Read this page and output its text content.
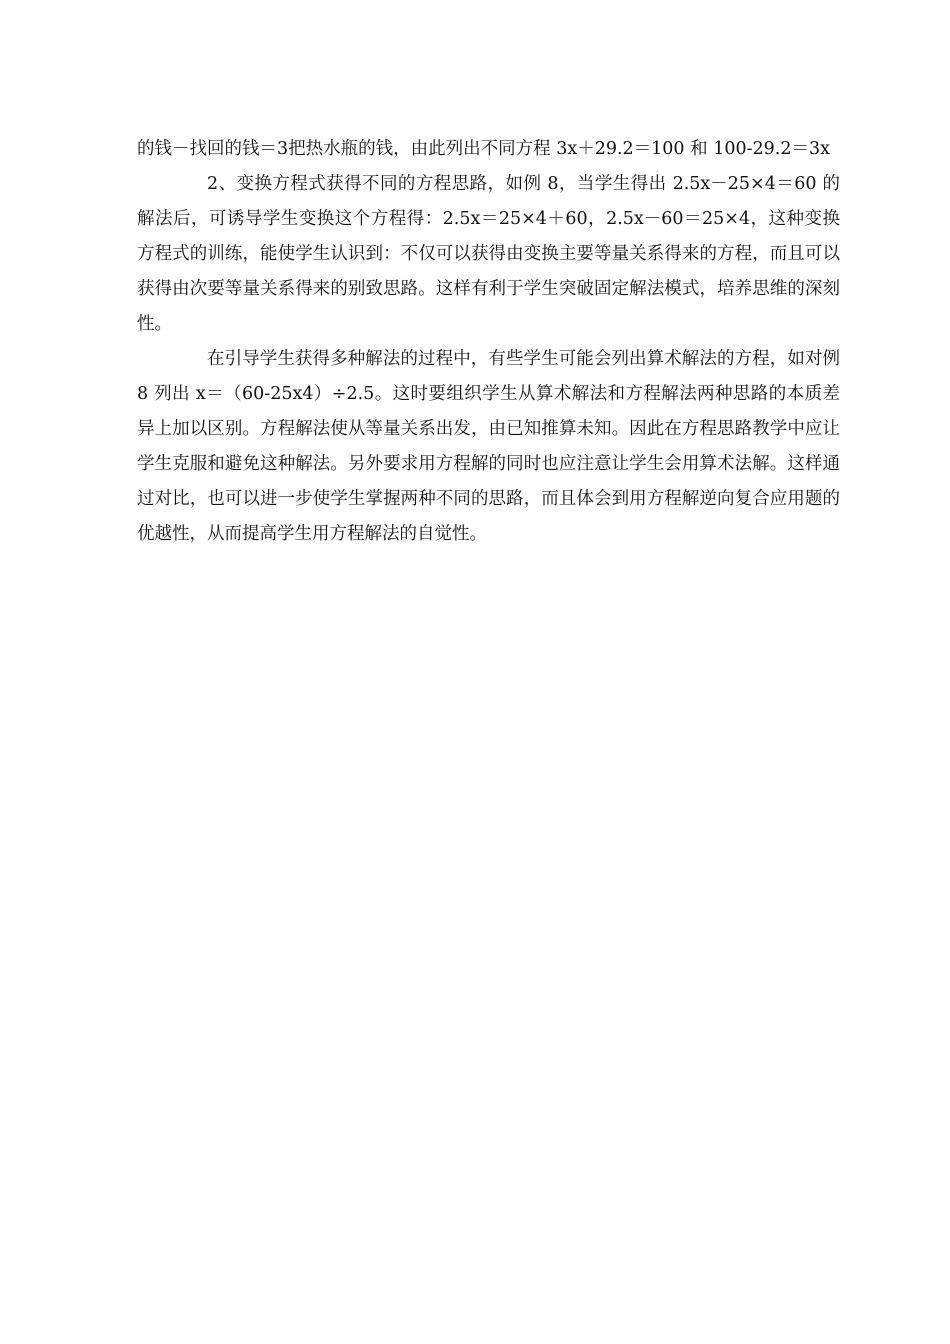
的钱－找回的钱＝3把热水瓶的钱，由此列出不同方程 3x＋29.2＝100 和 100-29.2＝3x

2、变换方程式获得不同的方程思路，如例 8，当学生得出 2.5x－25×4＝60 的解法后，可诱导学生变换这个方程得：2.5x＝25×4＋60，2.5x－60＝25×4，这种变换方程式的训练，能使学生认识到：不仅可以获得由变换主要等量关系得来的方程，而且可以获得由次要等量关系得来的别致思路。这样有利于学生突破固定解法模式，培养思维的深刻性。

在引导学生获得多种解法的过程中，有些学生可能会列出算术解法的方程，如对例 8 列出 x＝（60-25x4）÷2.5。这时要组织学生从算术解法和方程解法两种思路的本质差异上加以区别。方程解法使从等量关系出发，由已知推算未知。因此在方程思路教学中应让学生克服和避免这种解法。另外要求用方程解的同时也应注意让学生会用算术法解。这样通过对比，也可以进一步使学生掌握两种不同的思路，而且体会到用方程解逆向复合应用题的优越性，从而提高学生用方程解法的自觉性。
